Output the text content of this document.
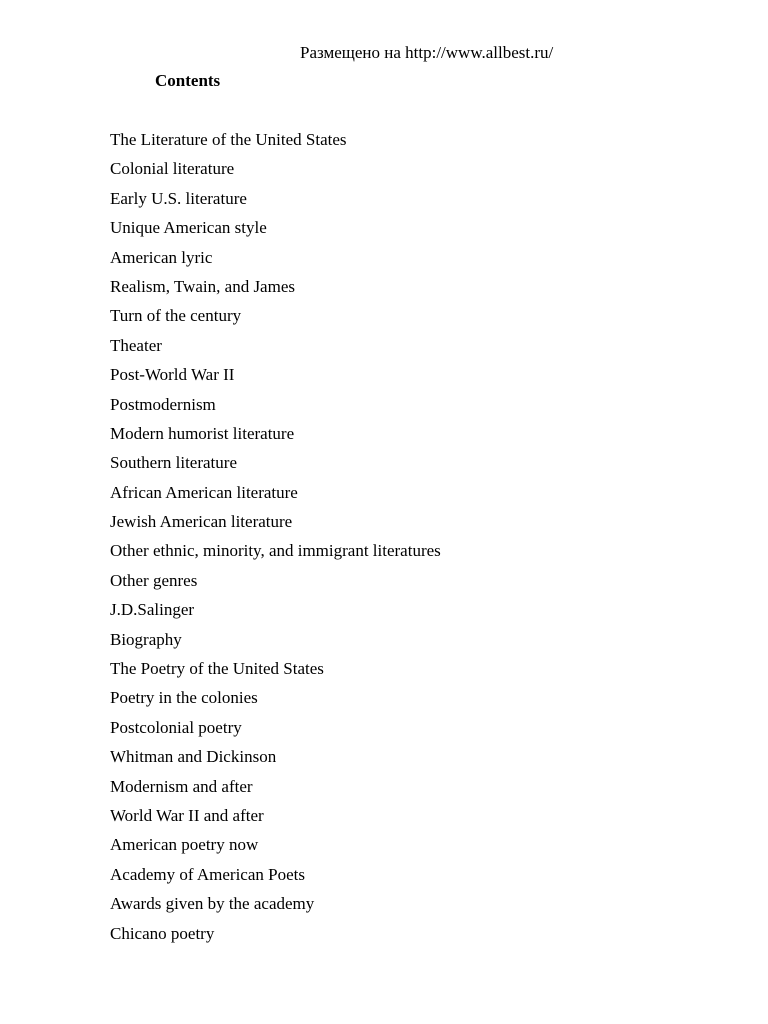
Размещено на http://www.allbest.ru/
Contents
The Literature of the United States
Colonial literature
Early U.S. literature
Unique American style
American lyric
Realism, Twain, and James
Turn of the century
Theater
Post-World War II
Postmodernism
Modern humorist literature
Southern literature
African American literature
Jewish American literature
Other ethnic, minority, and immigrant literatures
Other genres
J.D.Salinger
Biography
The Poetry of the United States
Poetry in the colonies
Postcolonial poetry
Whitman and Dickinson
Modernism and after
World War II and after
American poetry now
Academy of American Poets
Awards given by the academy
Chicano poetry
